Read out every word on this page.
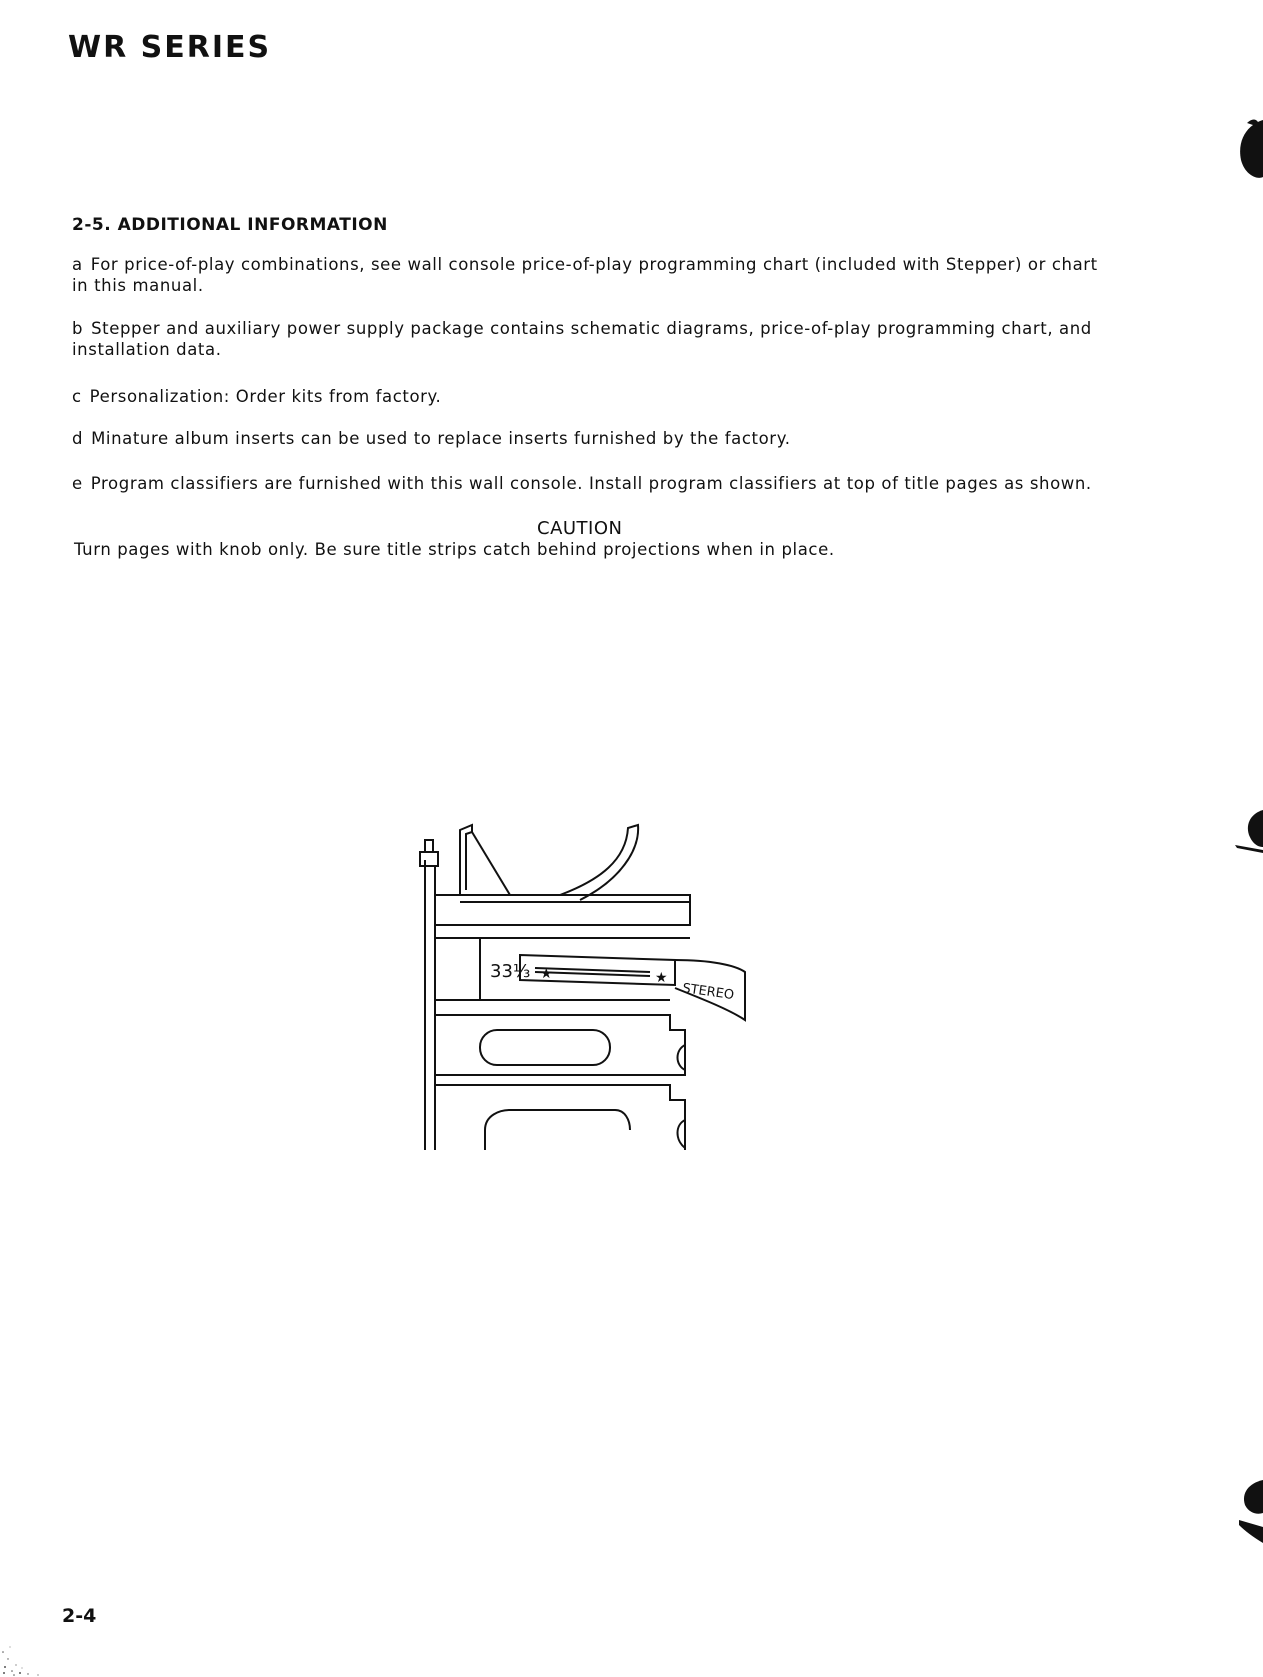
WR SERIES
2-5. ADDITIONAL INFORMATION
a For price-of-play combinations, see wall console price-of-play programming chart (included with Stepper) or chart in this manual.
b Stepper and auxiliary power supply package contains schematic diagrams, price-of-play programming chart, and installation data.
c Personalization: Order kits from factory.
d Minature album inserts can be used to replace inserts furnished by the factory.
e Program classifiers are furnished with this wall console. Install program classifiers at top of title pages as shown.
CAUTION
Turn pages with knob only. Be sure title strips catch behind projections when in place.
33⅓ ★	★
STEREO
2-4
